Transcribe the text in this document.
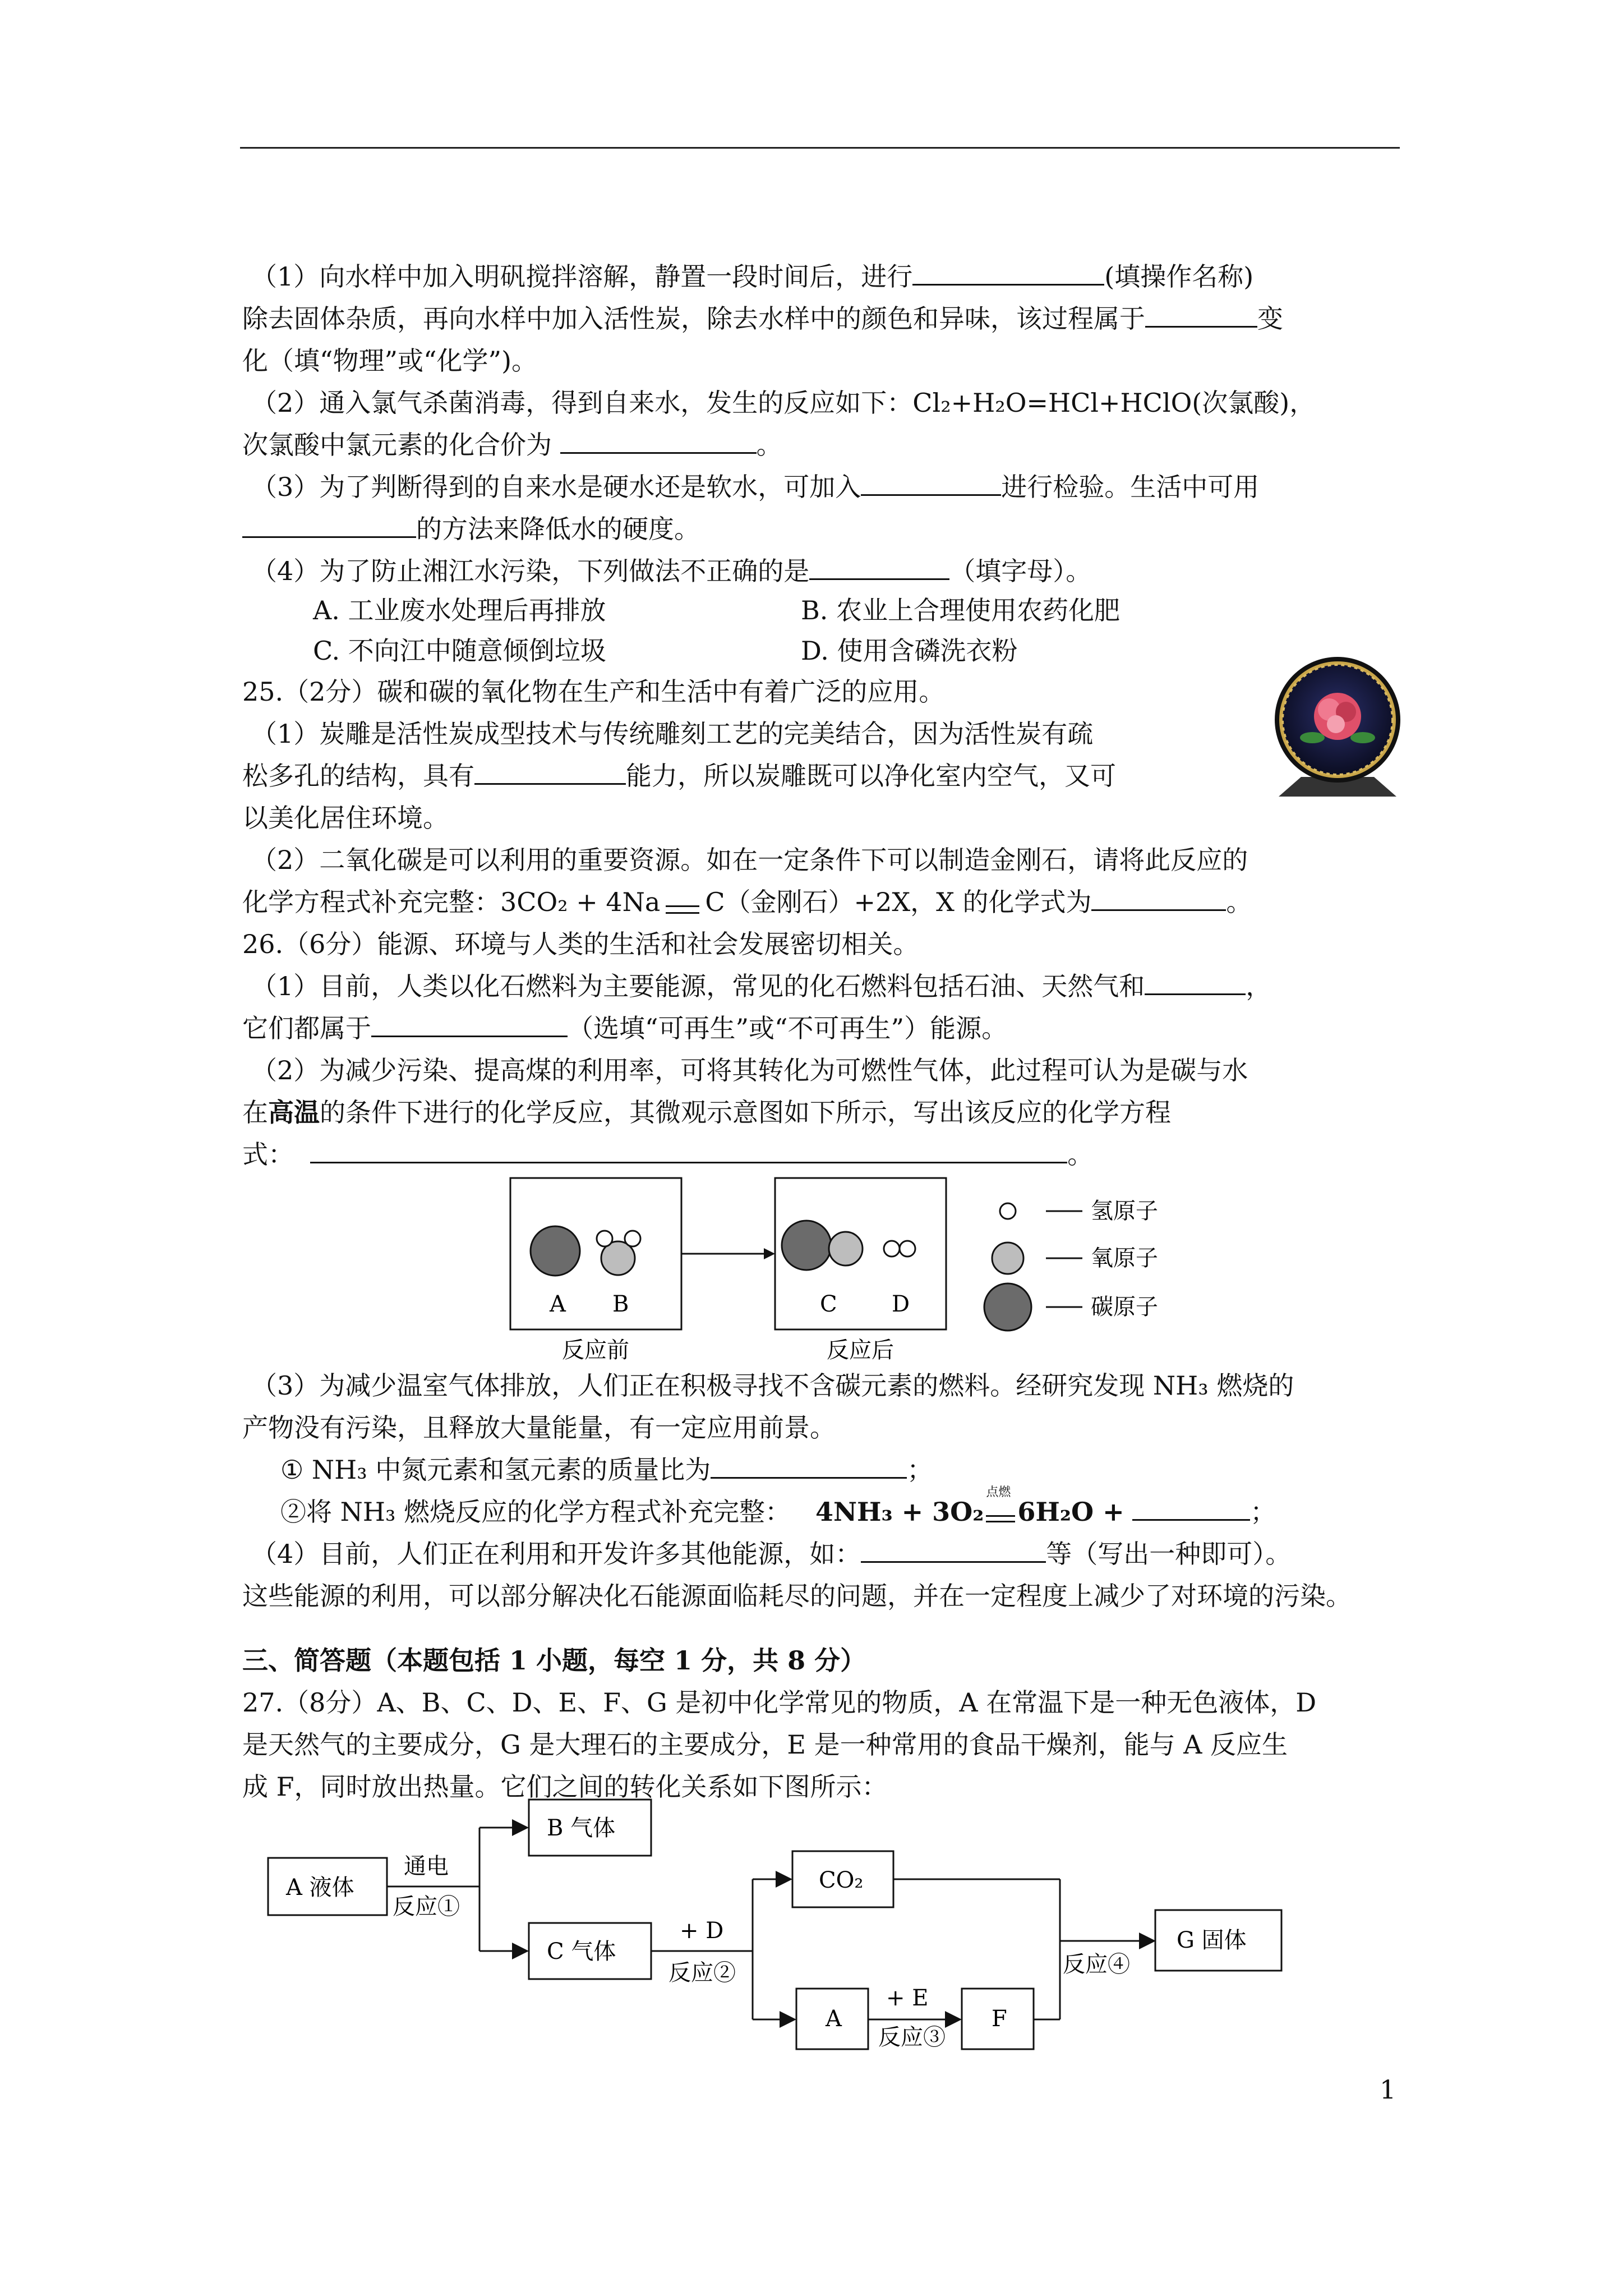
（1）向水样中加入明矾搅拌溶解，静置一段时间后，进行	(填操作名称)
除去固体杂质，再向水样中加入活性炭，除去水样中的颜色和异味，该过程属于	变
化（填“物理”或“化学”)。
（2）通入氯气杀菌消毒，得到自来水，发生的反应如下：Cl₂+H₂O=HCl+HClO(次氯酸)，
次氯酸中氯元素的化合价为	。
（3）为了判断得到的自来水是硬水还是软水，可加入	进行检验。生活中可用
的方法来降低水的硬度。
（4）为了防止湘江水污染，下列做法不正确的是	（填字母）。
A. 工业废水处理后再排放	B. 农业上合理使用农药化肥
C. 不向江中随意倾倒垃圾	D. 使用含磷洗衣粉
25.（2分）碳和碳的氧化物在生产和生活中有着广泛的应用。
（1）炭雕是活性炭成型技术与传统雕刻工艺的完美结合，因为活性炭有疏
松多孔的结构，具有	能力，所以炭雕既可以净化室内空气，又可
以美化居住环境。
（2）二氧化碳是可以利用的重要资源。如在一定条件下可以制造金刚石，请将此反应的
化学方程式补充完整：3CO₂ + 4Na C（金刚石）+2X，X 的化学式为	。
26.（6分）能源、环境与人类的生活和社会发展密切相关。
（1）目前，人类以化石燃料为主要能源，常见的化石燃料包括石油、天然气和	，
它们都属于	（选填“可再生”或“不可再生”）能源。
（2）为减少污染、提高煤的利用率，可将其转化为可燃性气体，此过程可认为是碳与水
在高温的条件下进行的化学反应，其微观示意图如下所示，写出该反应的化学方程
式：	。
A B	C D
反应前	反应后
氢原子
氧原子
碳原子
（3）为减少温室气体排放，人们正在积极寻找不含碳元素的燃料。经研究发现 NH₃ 燃烧的
产物没有污染，且释放大量能量，有一定应用前景。
① NH₃ 中氮元素和氢元素的质量比为	；
②将 NH₃ 燃烧反应的化学方程式补充完整： 4NH₃ + 3O₂
点燃
6H₂O +	；
（4）目前，人们正在利用和开发许多其他能源，如：	等（写出一种即可）。
这些能源的利用，可以部分解决化石能源面临耗尽的问题，并在一定程度上减少了对环境的污染。
三、简答题（本题包括 1 小题，每空 1 分，共 8 分）
27.（8分）A、B、C、D、E、F、G 是初中化学常见的物质，A 在常温下是一种无色液体，D
是天然气的主要成分，G 是大理石的主要成分，E 是一种常用的食品干燥剂，能与 A 反应生
成 F，同时放出热量。它们之间的转化关系如下图所示：
A 液体
通电
反应①
B 气体
C 气体
+ D
反应②
CO₂
A
+ E
反应③
F
反应④
G 固体
1
